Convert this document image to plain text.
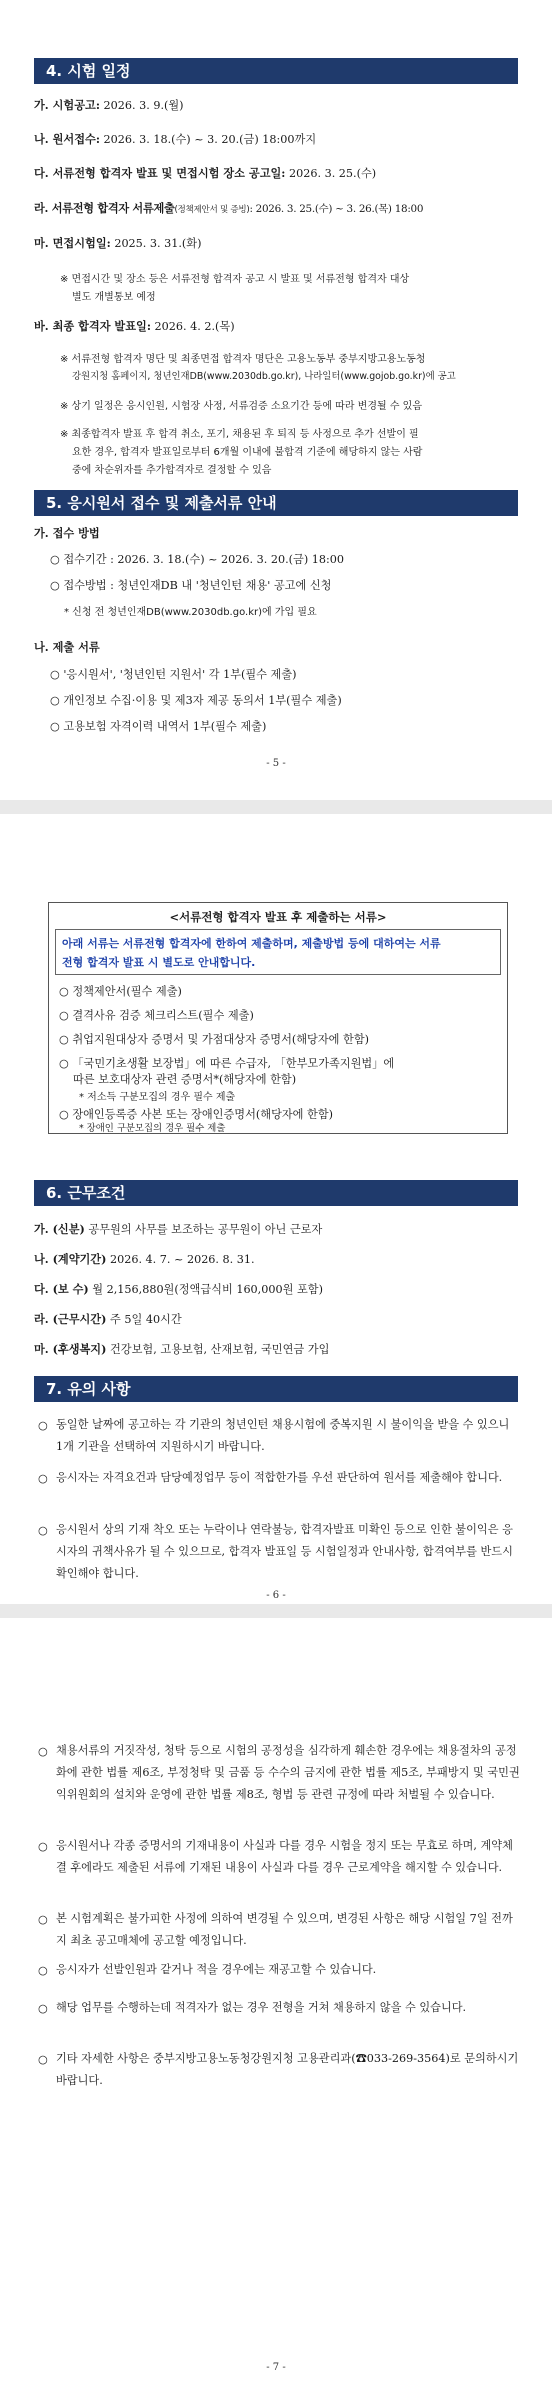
4. 시험 일정
가. 시험공고: 2026. 3. 9.(월)
나. 원서접수: 2026. 3. 18.(수) ~ 3. 20.(금) 18:00까지
다. 서류전형 합격자 발표 및 면접시험 장소 공고일: 2026. 3. 25.(수)
라. 서류전형 합격자 서류제출(정책제안서 및 증빙): 2026. 3. 25.(수) ~ 3. 26.(목) 18:00
마. 면접시험일: 2025. 3. 31.(화)
※ 면접시간 및 장소 등은 서류전형 합격자 공고 시 발표 및 서류전형 합격자 대상
별도 개별통보 예정
바. 최종 합격자 발표일: 2026. 4. 2.(목)
※ 서류전형 합격자 명단 및 최종면접 합격자 명단은 고용노동부 중부지방고용노동청
강원지청 홈페이지, 청년인재DB(www.2030db.go.kr), 나라일터(www.gojob.go.kr)에 공고
※ 상기 일정은 응시인원, 시험장 사정, 서류검증 소요기간 등에 따라 변경될 수 있음
※ 최종합격자 발표 후 합격 취소, 포기, 채용된 후 퇴직 등 사정으로 추가 선발이 필
요한 경우, 합격자 발표일로부터 6개월 이내에 불합격 기준에 해당하지 않는 사람
중에 차순위자를 추가합격자로 결정할 수 있음
5. 응시원서 접수 및 제출서류 안내
가. 접수 방법
○ 접수기간 : 2026. 3. 18.(수) ~ 2026. 3. 20.(금) 18:00
○ 접수방법 : 청년인재DB 내 '청년인턴 채용' 공고에 신청
* 신청 전 청년인재DB(www.2030db.go.kr)에 가입 필요
나. 제출 서류
○ '응시원서', '청년인턴 지원서' 각 1부(필수 제출)
○ 개인정보 수집·이용 및 제3자 제공 동의서 1부(필수 제출)
○ 고용보험 자격이력 내역서 1부(필수 제출)
- 5 -
<서류전형 합격자 발표 후 제출하는 서류>
아래 서류는 서류전형 합격자에 한하여 제출하며, 제출방법 등에 대하여는 서류
전형 합격자 발표 시 별도로 안내합니다.
○ 정책제안서(필수 제출)
○ 결격사유 검증 체크리스트(필수 제출)
○ 취업지원대상자 증명서 및 가점대상자 증명서(해당자에 한함)
○ 「국민기초생활 보장법」에 따른 수급자, 「한부모가족지원법」에
따른 보호대상자 관련 증명서*(해당자에 한함)
* 저소득 구분모집의 경우 필수 제출
○ 장애인등록증 사본 또는 장애인증명서(해당자에 한함)
* 장애인 구분모집의 경우 필수 제출
6. 근무조건
가. (신분) 공무원의 사무를 보조하는 공무원이 아닌 근로자
나. (계약기간) 2026. 4. 7. ~ 2026. 8. 31.
다. (보 수) 월 2,156,880원(정액급식비 160,000원 포함)
라. (근무시간) 주 5일 40시간
마. (후생복지) 건강보험, 고용보험, 산재보험, 국민연금 가입
7. 유의 사항
○ 동일한 날짜에 공고하는 각 기관의 청년인턴 채용시험에 중복지원 시 불이익을 받을 수 있으니 1개 기관을 선택하여 지원하시기 바랍니다.
○ 응시자는 자격요건과 담당예정업무 등이 적합한가를 우선 판단하여 원서를 제출해야 합니다.
○ 응시원서 상의 기재 착오 또는 누락이나 연락불능, 합격자발표 미확인 등으로 인한 불이익은 응시자의 귀책사유가 될 수 있으므로, 합격자 발표일 등 시험일정과 안내사항, 합격여부를 반드시 확인해야 합니다.
- 6 -
○ 채용서류의 거짓작성, 청탁 등으로 시험의 공정성을 심각하게 훼손한 경우에는 채용절차의 공정화에 관한 법률 제6조, 부정청탁 및 금품 등 수수의 금지에 관한 법률 제5조, 부패방지 및 국민권익위원회의 설치와 운영에 관한 법률 제8조, 형법 등 관련 규정에 따라 처벌될 수 있습니다.
○ 응시원서나 각종 증명서의 기재내용이 사실과 다를 경우 시험을 정지 또는 무효로 하며, 계약체결 후에라도 제출된 서류에 기재된 내용이 사실과 다를 경우 근로계약을 해지할 수 있습니다.
○ 본 시험계획은 불가피한 사정에 의하여 변경될 수 있으며, 변경된 사항은 해당 시험일 7일 전까지 최초 공고매체에 공고할 예정입니다.
○ 응시자가 선발인원과 같거나 적을 경우에는 재공고할 수 있습니다.
○ 해당 업무를 수행하는데 적격자가 없는 경우 전형을 거쳐 채용하지 않을 수 있습니다.
○ 기타 자세한 사항은 중부지방고용노동청강원지청 고용관리과(☎033-269-3564)로 문의하시기 바랍니다.
- 7 -
